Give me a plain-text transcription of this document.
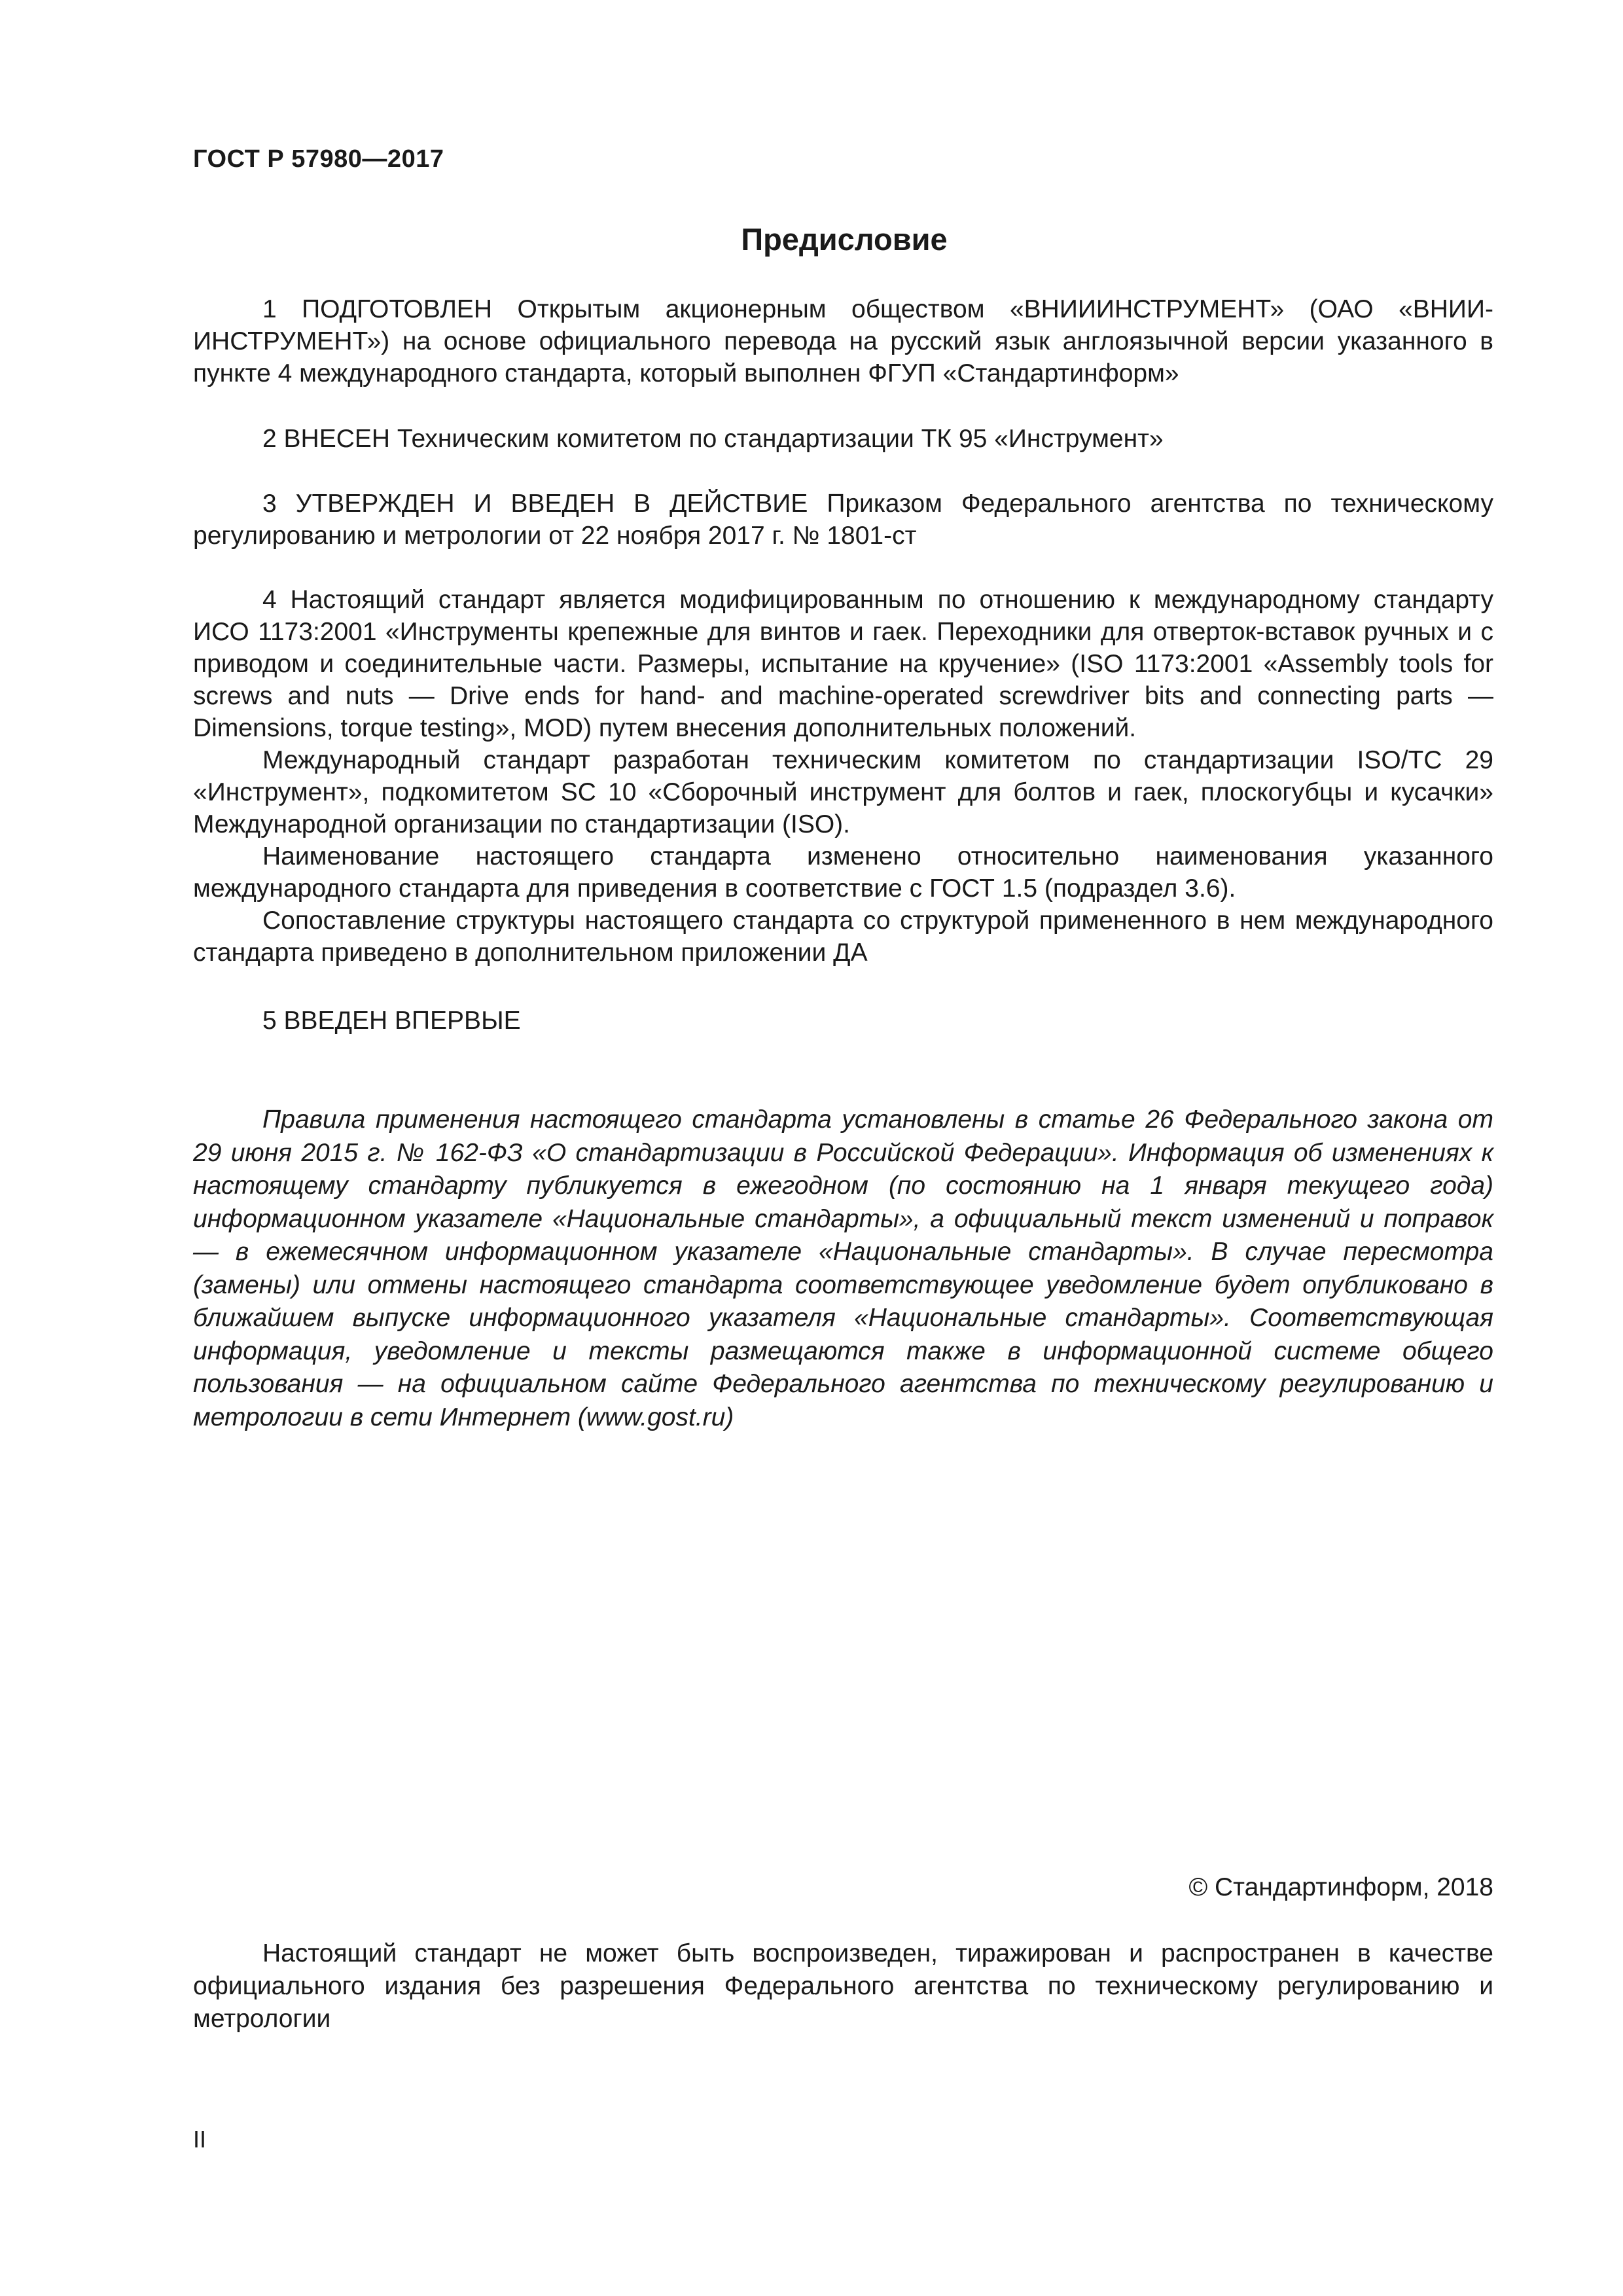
ГОСТ Р 57980—2017
Предисловие

1 ПОДГОТОВЛЕН Открытым акционерным обществом «ВНИИИНСТРУМЕНТ» (ОАО «ВНИИ-ИНСТРУМЕНТ») на основе официального перевода на русский язык англоязычной версии указанного в пункте 4 международного стандарта, который выполнен ФГУП «Стандартинформ»

2 ВНЕСЕН Техническим комитетом по стандартизации ТК 95 «Инструмент»

3 УТВЕРЖДЕН И ВВЕДЕН В ДЕЙСТВИЕ Приказом Федерального агентства по техническому регулированию и метрологии от 22 ноября 2017 г. № 1801-ст

4 Настоящий стандарт является модифицированным по отношению к международному стандарту ИСО 1173:2001 «Инструменты крепежные для винтов и гаек. Переходники для отверток-вставок ручных и с приводом и соединительные части. Размеры, испытание на кручение» (ISO 1173:2001 «Assembly tools for screws and nuts — Drive ends for hand- and machine-operated screwdriver bits and connecting parts — Dimensions, torque testing», MOD) путем внесения дополнительных положений.

Международный стандарт разработан техническим комитетом по стандартизации ISO/TC 29 «Инструмент», подкомитетом SC 10 «Сборочный инструмент для болтов и гаек, плоскогубцы и кусачки» Международной организации по стандартизации (ISO).

Наименование настоящего стандарта изменено относительно наименования указанного международного стандарта для приведения в соответствие с ГОСТ 1.5 (подраздел 3.6).

Сопоставление структуры настоящего стандарта со структурой примененного в нем международного стандарта приведено в дополнительном приложении ДА

5 ВВЕДЕН ВПЕРВЫЕ

Правила применения настоящего стандарта установлены в статье 26 Федерального закона от 29 июня 2015 г. № 162-ФЗ «О стандартизации в Российской Федерации». Информация об изменениях к настоящему стандарту публикуется в ежегодном (по состоянию на 1 января текущего года) информационном указателе «Национальные стандарты», а официальный текст изменений и поправок — в ежемесячном информационном указателе «Национальные стандарты». В случае пересмотра (замены) или отмены настоящего стандарта соответствующее уведомление будет опубликовано в ближайшем выпуске информационного указателя «Национальные стандарты». Соответствующая информация, уведомление и тексты размещаются также в информационной системе общего пользования — на официальном сайте Федерального агентства по техническому регулированию и метрологии в сети Интернет (www.gost.ru)

© Стандартинформ, 2018

Настоящий стандарт не может быть воспроизведен, тиражирован и распространен в качестве официального издания без разрешения Федерального агентства по техническому регулированию и метрологии

II
